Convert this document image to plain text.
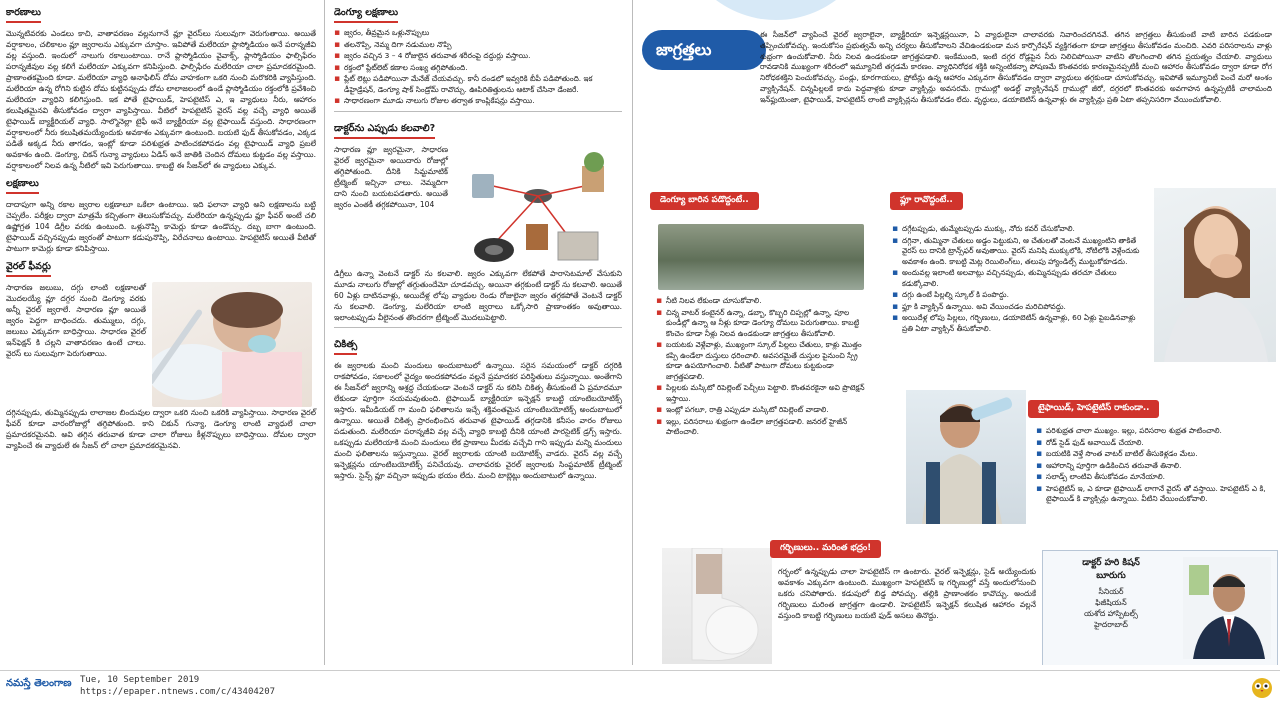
కారణాలు

మొన్నటివరకు ఎండలు కాచి, వాతావరణం వల్లనుగానే వ్లూ వైరస్‌లు సులువుగా వెరుగుతాయి. అయితే వర్షాకాలం, చలికాలం వ్లూ జ్వరాలను ఎక్కువగా చూస్తాం. ఇవిపోతే మలేరియా ప్లాస్మోడియం అనే పరాన్నజీవి వల్ల వస్తుంది. ఇందులో నాలుగు రకాలుంటాయి. రానే ప్లాస్మోడియం వైవాక్స్, ప్లాస్మోడియం ఫాల్సిఫేరం పరాన్నజీవుల వల్ల కలిగే మలేరియా ఎక్కువగా కనిపిస్తుంది. ఫాల్సిఫేరం మలేరియా చాలా ప్రమాదకరమైంది. ప్రాణాంతకమైంది కూడా. మలేరియా వ్యాధి అనాఫిలిస్ దోమ వాహకంగా ఒకరి నుంచి మరొకరికి వ్యాపిస్తుంది. మలేరియా ఉన్న రోగిని కుట్టిన దోమ కుట్టినప్పుడు దోమ లాలాజలంలో ఉండే ప్లాస్మోడియం రక్తంలోకి ప్రవేశించి మలేరియా వ్యాధిని కలిగిస్తుంది. ఇక పోతే టైఫాయిడ్, హెపటైటిస్ ఎ, ఇ వ్యాధులు నీరు, ఆహారం కలుషితమైనవి తీసుకోవడం ద్వారా వ్యాపిస్తాయి. వీటిలో హెపటైటిస్ వైరస్ వల్ల వచ్చే వ్యాధి అయితే టైఫాయిడ్ బ్యాక్టీరియల్ వ్యాధి. సాల్మొనెల్లా టైఫీ అనే బ్యాక్టీరియా వల్ల టైఫాయిడ్ వస్తుంది. సాధారణంగా వర్షాకాలంలో నీరు కలుషితమయ్యేందుకు అవకాశం ఎక్కువగా ఉంటుంది. బయటి ఫుడ్ తీసుకోవడం, ఎక్కడ పడితే అక్కడ నీరు తాగడం, ఇంట్లో కూడా పరిశుభ్రత పాటించకపోవడం వల్ల టైఫాయిడ్ వ్యాధి ప్రబలే అవకాశం ఉంది. డెంగ్యూ, చికన్ గున్యా వ్యాధులు ఏడిస్ అనే జాతికి చెందిన దోమలు కుట్టడం వల్ల వస్తాయి. వర్షాకాలంలో నిలవ ఉన్న నీటిలో ఇవి పెరుగుతాయి. కాబట్టి ఈ సీజన్‌లో ఈ వ్యాధులు ఎక్కువ.

లక్షణాలు

దాదాపుగా అన్ని రకాల జ్వరాల లక్షణాలూ ఒకేలా ఉంటాయి. ఇది ఫలానా వ్యాధి అని లక్షణాలను బట్టి చెప్పలేం. పరీక్షల ద్వారా మాత్రమే కచ్చితంగా తెలుసుకోవచ్చు. మలేరియా ఉన్నప్పుడు వ్లూ ఫీవర్ అంటే చలి ఉష్ణోగ్రత 104 డిగ్రీల వరకు ఉంటుంది. ఒళ్లునొప్పి కామెర్లు కూడా ఉండొచ్చు. దబ్బ బాగా ఉంటుంది. టైఫాయిడ్ వచ్చినప్పుడు జ్వరంతో పాటుగా కడుపునొప్పి, విరేచనాలు ఉంటాయి. హెపటైటిస్ అయితే వీటితో పాటుగా కామెర్లు కూడా కనిపిస్తాయి.

వైరల్ ఫీవర్లు

సాధారణ జలుబు, దగ్గు లాంటి లక్షణాలతో మొదలయ్యే వ్లూ దగ్గర నుంచి డెంగ్యూ వరకు అన్నీ వైరల్ జ్వరాలే. సాధారణ వ్లూ అయితే జ్వరం పెద్దగా బాధించదు. తుమ్ములు, దగ్గు, జలుబు ఎక్కువగా బాధిస్తాయి. సాధారణ వైరల్ ఇన్‌ఫెక్షన్ కి చల్లని వాతావరణం ఉంటే చాలు. వైరస్ లు సులువుగా పెరుగుతాయి.

దగ్గినప్పుడు, తుమ్మినప్పుడు లాలాజల బిందువుల ద్వారా ఒకరి నుంచి ఒకరికి వ్యాపిస్తాయి. సాధారణ వైరల్ ఫీవర్ కూడా వారంరోజుల్లో తగ్గిపోతుంది. కాని చికున్ గున్యా, డెంగ్యూ లాంటి వ్యాధులే చాలా ప్రమాదకరమైనవి. అవి తగ్గిన తరువాత కూడా చాలా రోజులు కీళ్లనొప్పులు బాధిస్తాయి. దోమల ద్వారా వ్యాపించే ఈ వ్యాధులే ఈ సీజన్ లో చాలా ప్రమాదకరమైనవి.

డెంగ్యూ లక్షణాలు
▪ జ్వరం, తీవ్రమైన ఒళ్లునొప్పులు
▪ తలనొప్పి, నెమ్మ దిగా నడుముల నొప్పి
▪ జ్వరం వచ్చిన 3 – 4 రోజులైన తరువాత శరీరంపై దద్దుర్లు వస్తాయి.
▪ రక్తంలో ప్లేట్‌లెట్ కణాల సంఖ్య తగ్గిపోతుంది.
▪ ప్లేట్ లెట్లు పడిపోయినా మేనేజ్ చేయవచ్చు. కానీ దండలో ఇవ్వరికి బీపీ పడిపోతుంది. ఇక డీహైడ్రేషన్, డెంగ్యూ షాక్ సిండ్రోమ్ రావొచ్చు. ఊపిరితిత్తులను ఆటాక్ చేసినా డేంజరే.
▪ సాధారణంగా మూడు నాలుగు రోజుల తర్వాత కాంప్లికేషన్లు వస్తాయి.
డాక్టర్‌ను ఎప్పుడు కలవాలి?

సాధారణ వ్లూ జ్వరమైనా, సాధారణ వైరల్ జ్వరమైనా అయిదారు రోజుల్లో తగ్గిపోతుంది. దీనికి సిమ్టమాటిక్ ట్రీట్మెంట్ ఇచ్చినా చాలు. నెమ్మదిగా దాని నుంచి బయటపడతారు. అయితే జ్వరం ఎంతకీ తగ్గకపోయినా, 104

డిగ్రీలు ఉన్నా వెంటనే డాక్టర్ ను కలవాలి. జ్వరం ఎక్కువగా లేకపోతే పారాసెటమాల్ వేసుకుని మూడు నాలుగు రోజుల్లో తగ్గుతుందేమో చూడవచ్చు. అయినా తగ్గకుంటే డాక్టర్ ను కలవాలి. అయితే 60 ఏళ్లు దాటినవాళ్లు, అయిదేళ్ల లోపు వ్యాధుల రెండు రోజులైనా జ్వరం తగ్గకపోతే వెంటనే డాక్టర్ ను కలవాలి. డెంగ్యూ, మలేరియా లాంటి జ్వరాలు ఒక్కోసారి ప్రాణాంతకం అవుతాయి. ఇలాంటప్పుడు వీలైనంత తొందరగా ట్రీట్మెంట్ మొదలుపెట్టాలి.

చికిత్స

ఈ జ్వరాలకు మంచి మందులు అందుబాటులో ఉన్నాయి. సరైన సమయంలో డాక్టర్ దగ్గరికి రాకపోవడం, సకాలంలో వైద్యం అందకపోవడం వల్లనే ప్రమాదకర పరిస్థితులు వస్తున్నాయి. అంతేగాని ఈ సీజన్‌లో జ్వరాన్ని అశ్రద్ధ చేయకుండా వెంటనే డాక్టర్ ను కలిసి చికిత్స తీసుకుంటే ఏ ప్రమాదమూ లేకుండా పూర్తిగా నయమవుతుంది. టైఫాయిడ్ బ్యాక్టీరియా ఇన్ఫెక్షన్ కాబట్టి యాంటిబయోటిక్స్ ఇస్తారు. ఇమీడియట్ గా మంచి ఫలితాలను ఇచ్చే శక్తివంతమైన యాంటిబయోటిక్స్ అందుబాటులో ఉన్నాయి. అయితే చికిత్స ప్రారంభించిన తరువాత టైఫాయిడ్ తగ్గడానికి కనీసం వారం రోజులు పడుతుంది. మలేరియా పరాన్నజీవి వల్ల వచ్చే వ్యాధి కాబట్టి దీనికి యాంటి పారసైటిక్ డ్రగ్స్ ఇస్తారు. ఒకప్పుడు మలేరియాకి మంచి మందులు లేక ప్రాణాలు మీదకు వచ్చేవి గాని ఇప్పుడు మన్ని మందులు మంచి ఫలితాలను ఇస్తున్నాయి. వైరల్ జ్వరాలకు యాంటి బయోటిక్స్ వాడరు. వైరస్ వల్ల వచ్చే ఇన్ఫెక్షన్లను యాంటిబయోటిక్స్ పనిచేయవు. చాలావరకు వైరల్ జ్వరాలకు సింప్టమాటిక్ ట్రీట్మెంట్ ఇస్తారు. సైన్స్ వ్లూ వచ్చినా ఇప్పుడు భయం లేదు. మంచి టాబ్లెట్లు అందుబాటులో ఉన్నాయి.

జాగ్రత్తలు

ఈ సీజన్‌లో వ్యాపించే వైరల్ జ్వరాలైనా, బ్యాక్టీరియా ఇన్ఫెక్షన్లయినా, ఏ వ్యాధులైనా చాలావరకు నివారించదగినవే. తగిన జాగ్రత్తలు తీసుకుంటే వాటి బారిన పడకుండా తప్పించుకోవచ్చు. ఇందుకోసం ప్రభుత్వమే అన్ని చర్యలు తీసుకోవాలని వేచిఉండకుండా మన కార్పొరేషన్ వ్యక్తిగతంగా కూడా జాగ్రత్తలు తీసుకోవడం మంచిది. ఎవరి పరిసరాలను వాళ్లు శుభ్రంగా ఉంచుకోవాలి. నీరు నిలవ ఉండకుండా జాగ్రత్తపడాలి. ఇంకేముంది, ఇంటి దగ్గర రోడ్లపైన నీరు నిలిచిపోయినా వాటిని తొలగించాలి తగిన ప్రయత్నం చేయాలి. వ్యాధులు రావడానికి ముఖ్యంగా శరీరంలో ఇమ్యూనిటీ తగ్గడమే కారణం. వ్యాధినిరోధక శక్తికి అన్నింటికన్నా పోషణమే కొంతవరకు కారణమైనప్పటికీ మంచి ఆహారం తీసుకోవడం ద్వారా కూడా రోగ నిరోధకశక్తిని పెంచుకోవచ్చు. పండ్లు, కూరగాయలు, ప్రోటీన్లు ఉన్న ఆహారం ఎక్కువగా తీసుకోవడం ద్వారా వ్యాధులు తగ్గకుండా చూసుకోవచ్చు. ఇవిపోతే ఇమ్యూనిటీ పెంచే మరో అంశం వ్యాక్సినేషన్. చిన్నపిల్లలకే కాదు పెద్దవాళ్లకు కూడా వ్యాక్సిన్లు అవసరమే. గ్రాముల్లో అడల్ట్ వ్యాక్సినేషన్ గ్రాముల్లో జీరో, దగ్గరలో కొంతవరకు అవగాహన ఉన్నప్పటికీ చాలామంది ఇన్‌ఫ్లుయెంజా, టైఫాయిడ్, హెపటైటిస్ లాంటి వ్యాక్సిన్లను తీసుకోవడం లేదు. వృద్ధులు, డయాబెటిస్ ఉన్నవాళ్లు ఈ వ్యాక్సిన్లు ప్రతి ఏటా తప్పనిసరిగా వేయించుకోవాలి.

డెంగ్యూ బారిన పడొద్దంటే..
▪ నీటి నిలవ లేకుండా చూసుకోవాలి.
▪ చిన్న వాటర్ కంటైనర్ ఉన్నా, డబ్బా, కొబ్బరి చిప్పల్లో ఉన్నా, పూల కుండీల్లో ఉన్నా ఆ నీళ్లు కూడా డెంగ్యూ దోమలు పెరుగుతాయి. కాబట్టి కొంచెం కూడా నీళ్లు నిలవ ఉండకుండా జాగ్రత్తలు తీసుకోవాలి.
▪ బయటకు వెళ్లేవాళ్లు, ముఖ్యంగా స్కూల్ పిల్లలు చేతులు, కాళ్లు మొత్తం కప్పి ఉండేలా దుస్తులు ధరించాలి. అవసరమైతే దుస్తుల పైనుంచి స్ప్రే కూడా ఉపయోగించాలి. వీటితో పాటుగా దోమలు కుట్టకుండా జాగ్రత్తపడాలి.
▪ పిల్లలకు మస్కిటో రిపెల్లెంట్ పెచ్చీలు పెట్టాలి. కొంతవరకైనా అవి ప్రొటెక్షన్ ఇస్తాయి.
▪ ఇంట్లో పగలూ, రాత్రి ఎప్పుడూ మస్కిటో రిపెల్లెంట్ వాడాలి.
▪ ఇల్లు, పరిసరాలు శుభ్రంగా ఉండేలా జాగ్రత్తపడాలి. జనరల్ హైజీన్ పాటించాలి.
ఫ్లూ రావొద్దంటే..
▪ దగ్గేటప్పుడు, తుమ్మేటప్పుడు ముక్కు, నోరు కవర్ చేసుకోవాలి.
▪ దగ్గినా, తుమ్మినా చేతులు అడ్డం పెట్టుకుని, ఆ చేతులతో వెంటనే ముఖ్యంటిని తాకితే వైరస్ లు దానికి ట్రాన్స్‌ఫర్ అవుతాయి. వైరస్ మనిషి ముక్కులోకి, నోటిలోకి వెళ్లేందుకు అవకాశం ఉంది. కాబట్టి మెట్ల రెయిలింగ్‌లు, తలుపు హ్యాండిల్స్ ముట్టుకోకూడదు.
▪ అందువల్ల ఇలాంటి అలవాట్లు వచ్చినప్పుడు, తుమ్మినప్పుడు తరచూ చేతులు కడుక్కోవాలి.
▪ దగ్గు ఉంటే పిల్లల్ని స్కూల్ కి పంపొద్దు.
▪ ఫ్లూ కి వ్యాక్సిన్ ఉన్నాయి. అవి వేయించడం మరిచిపోవద్దు.
▪ అయిదేళ్ల లోపు పిల్లలు, గర్భిణులు, డయాబెటిస్ ఉన్నవాళ్లు, 60 ఏళ్లు పైబడినవాళ్లు ప్రతి ఏటా వ్యాక్సిన్ తీసుకోవాలి.
టైఫాయిడ్, హెపటైటిస్ రాకుండా..
▪ పరిశుభ్రత చాలా ముఖ్యం. ఇల్లు, పరిసరాల శుభ్రత పాటించాలి.
▪ రోడ్ సైడ్ ఫుడ్ అవాయిడ్ చేయాలి.
▪ బయటికి వెళ్తే సొంత వాటర్ బాటిల్ తీసుకెళ్లడం మేలు.
▪ ఆహారాన్ని పూర్తిగా ఉడికించిన తరువాతే తినాలి.
▪ సలాడ్స్ లాంటివి తీసుకోవడం మానేయాలి.
▪ హెపటైటిస్ ఇ, ఎ కూడా టైఫాయిడ్ లాగానే వైరస్ తో వస్తాయి. హెపటైటిస్ ఎ కి, టైఫాయిడ్ కి వ్యాక్సిన్లు ఉన్నాయి. వీటిని వేయించుకోవాలి.
గర్భిణులు.. మరింత భద్రం!

గర్భంలో ఉన్నప్పుడు చాలా హెపటైటిస్ గా ఉంటారు. వైరల్ ఇన్ఫెక్షన్లు, సైడ్ అయ్యేందుకు అవకాశం ఎక్కువగా ఉంటుంది. ముఖ్యంగా హెపటైటిస్ ఇ గర్భిణుల్లో వస్తే అందులోనుంచి ఒకరు చనిపోతారు. కడుపులో బిడ్డ పోవచ్చు. తల్లికి ప్రాణాంతకం కావొచ్చు. అందుకే గర్భిణులు మరింత జాగ్రత్తగా ఉండాలి. హెపటైటిస్ ఇన్ఫెక్షన్ కలుషిత ఆహారం వల్లనే వస్తుంది కాబట్టి గర్భిణులు బయటి ఫుడ్ అసలు తినొద్దు.

డాక్టర్ హరి కిషన్
బూరుగు
సీనియర్
ఫిజీషియన్
యశోద హాస్పిటల్స్
హైదరాబాద్
నమస్తే తెలంగాణ Tue, 10 September 2019
https://epaper.ntnews.com/c/43404207
